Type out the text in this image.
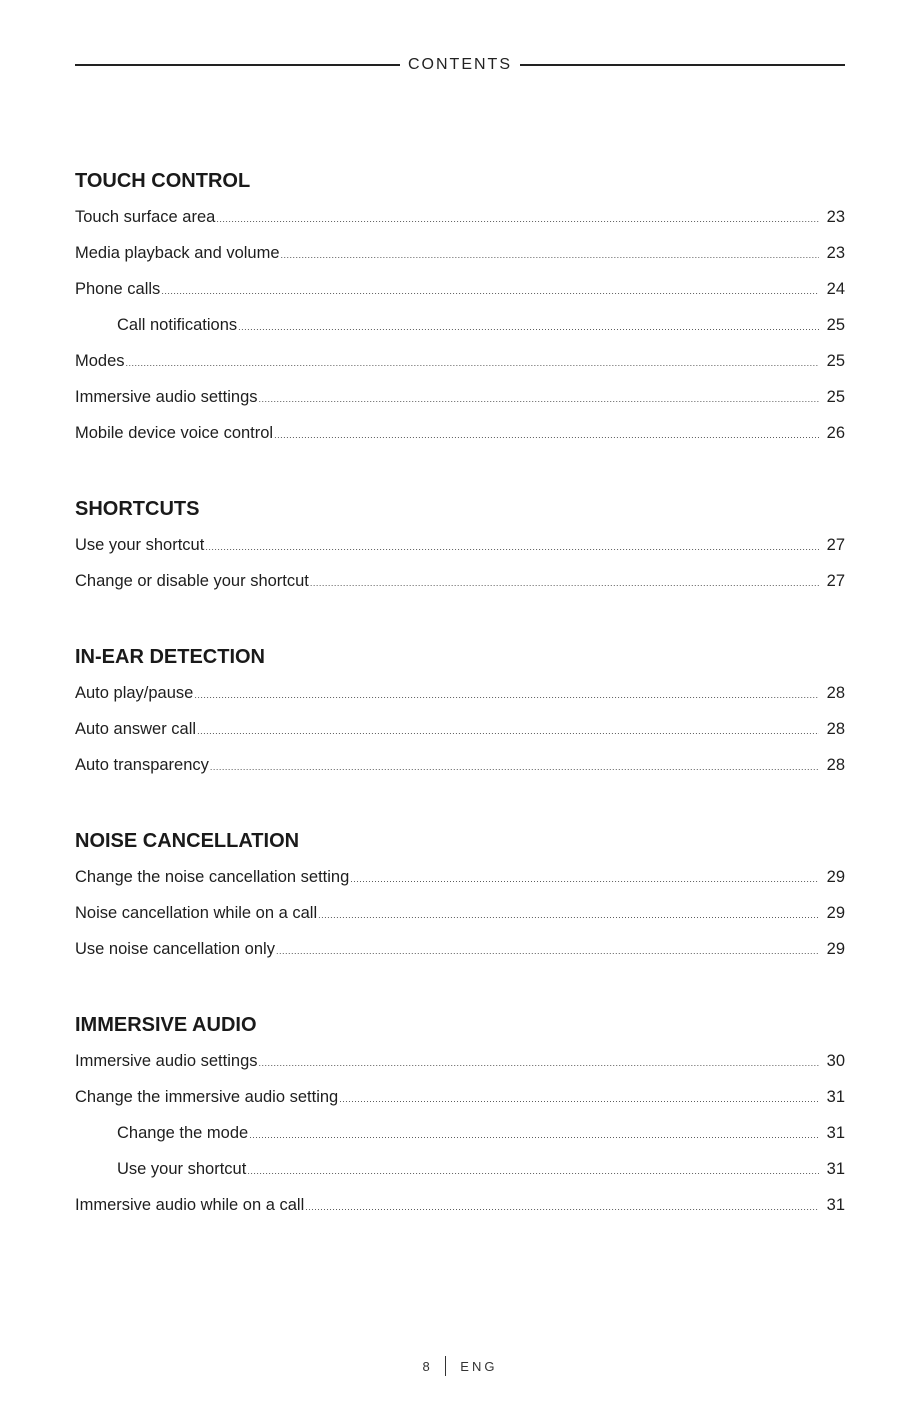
CONTENTS
TOUCH CONTROL
Touch surface area .....	23
Media playback and volume .....	23
Phone calls .....	24
Call notifications .....	25
Modes .....	25
Immersive audio settings .....	25
Mobile device voice control .....	26
SHORTCUTS
Use your shortcut .....	27
Change or disable your shortcut .....	27
IN-EAR DETECTION
Auto play/pause .....	28
Auto answer call .....	28
Auto transparency .....	28
NOISE CANCELLATION
Change the noise cancellation setting .....	29
Noise cancellation while on a call .....	29
Use noise cancellation only .....	29
IMMERSIVE AUDIO
Immersive audio settings .....	30
Change the immersive audio setting .....	31
Change the mode .....	31
Use your shortcut .....	31
Immersive audio while on a call .....	31
8 ENG
